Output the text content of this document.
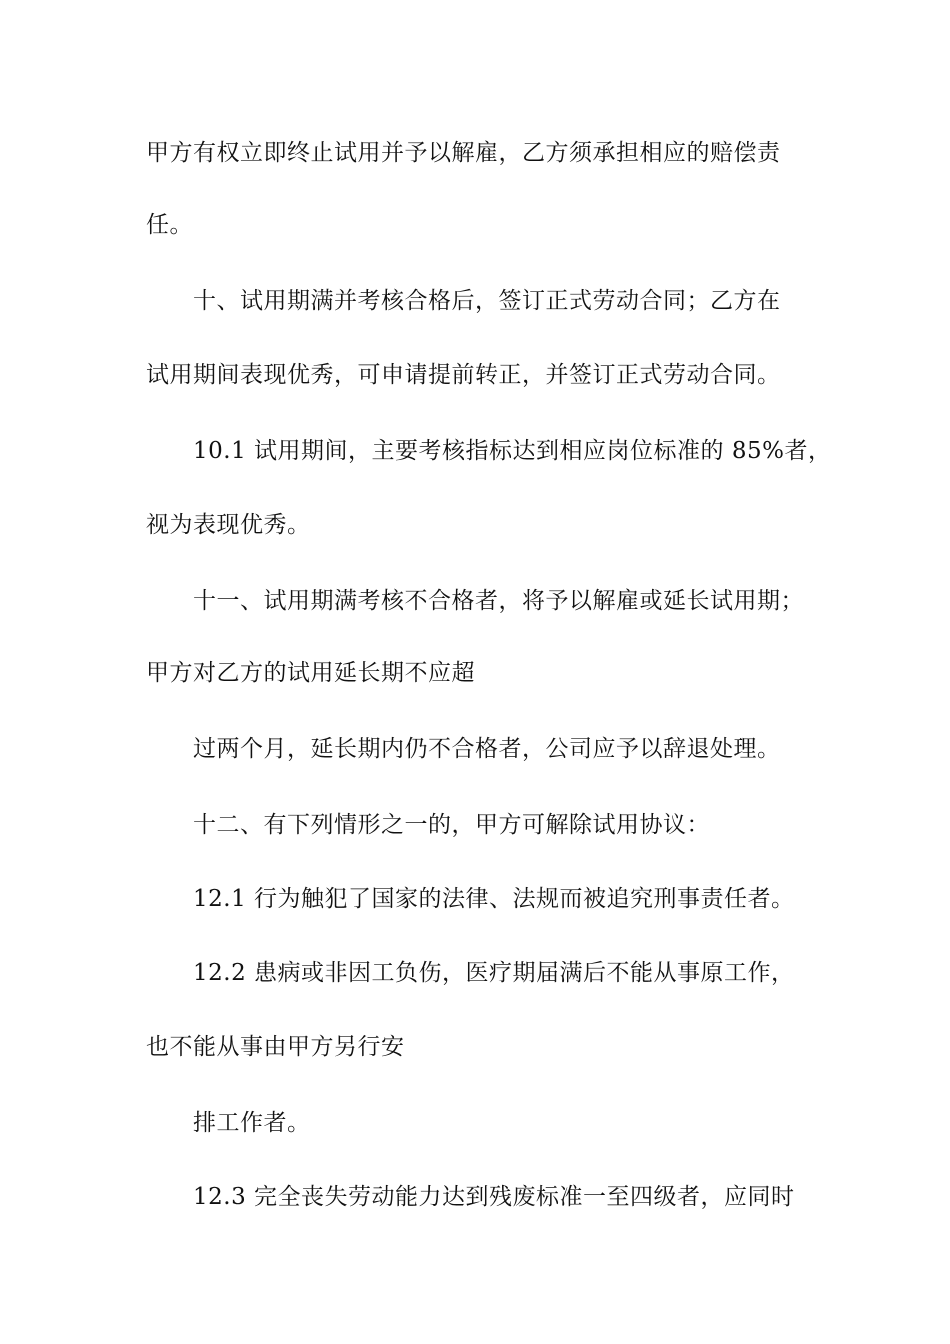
甲方有权立即终止试用并予以解雇，乙方须承担相应的赔偿责
任。
十、试用期满并考核合格后，签订正式劳动合同；乙方在
试用期间表现优秀，可申请提前转正，并签订正式劳动合同。
10.1 试用期间，主要考核指标达到相应岗位标准的 85%者，
视为表现优秀。
十一、试用期满考核不合格者，将予以解雇或延长试用期；
甲方对乙方的试用延长期不应超
过两个月，延长期内仍不合格者，公司应予以辞退处理。
十二、有下列情形之一的，甲方可解除试用协议：
12.1 行为触犯了国家的法律、法规而被追究刑事责任者。
12.2 患病或非因工负伤，医疗期届满后不能从事原工作，
也不能从事由甲方另行安
排工作者。
12.3 完全丧失劳动能力达到残废标准一至四级者，应同时
